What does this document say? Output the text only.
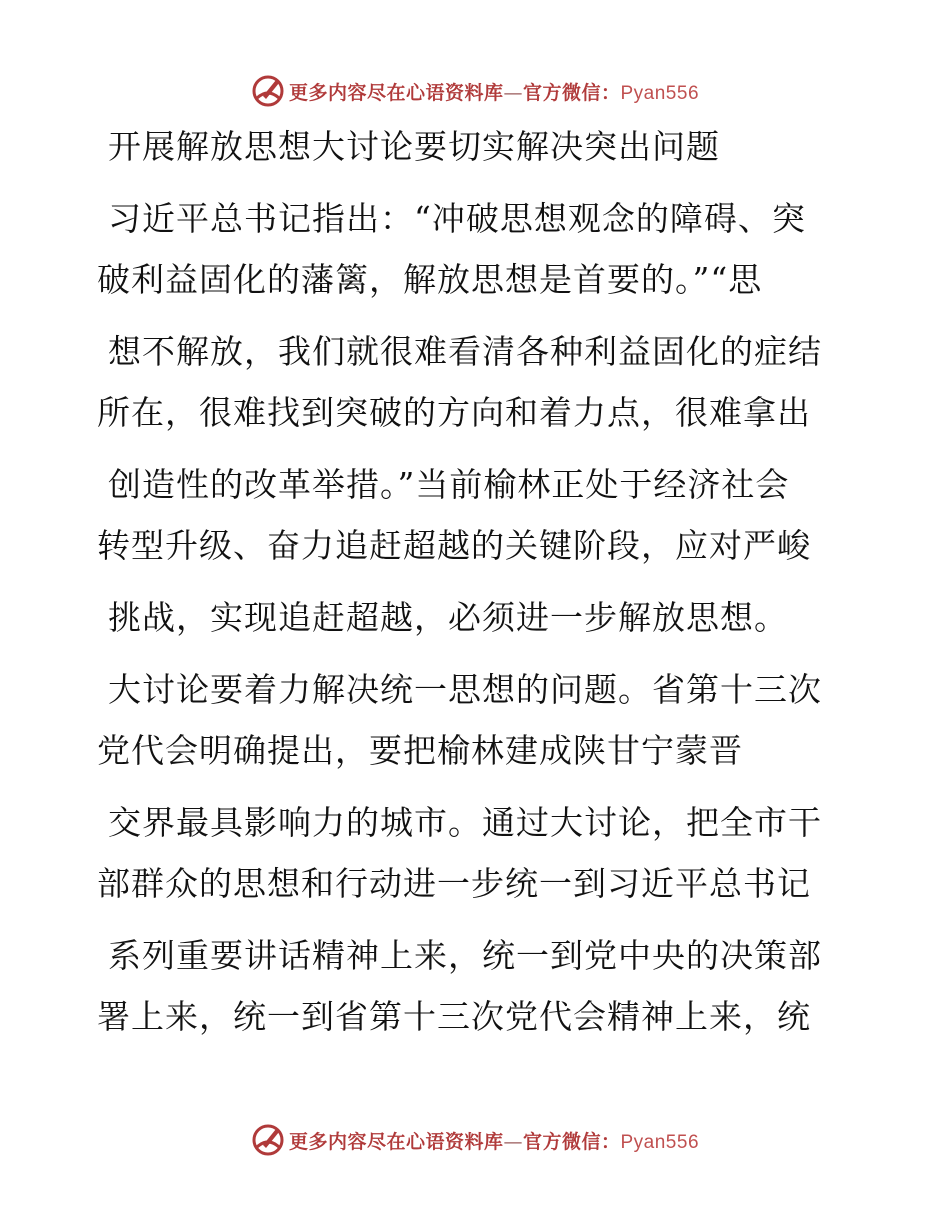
更多内容尽在心语资料库—官方微信：Pyan556
开展解放思想大讨论要切实解决突出问题
习近平总书记指出：“冲破思想观念的障碍、突
破利益固化的藩篱，解放思想是首要的。”“思
想不解放，我们就很难看清各种利益固化的症结
所在，很难找到突破的方向和着力点，很难拿出
创造性的改革举措。”当前榆林正处于经济社会
转型升级、奋力追赶超越的关键阶段，应对严峻
挑战，实现追赶超越，必须进一步解放思想。
大讨论要着力解决统一思想的问题。省第十三次
党代会明确提出，要把榆林建成陕甘宁蒙晋
交界最具影响力的城市。通过大讨论，把全市干
部群众的思想和行动进一步统一到习近平总书记
系列重要讲话精神上来，统一到党中央的决策部
署上来，统一到省第十三次党代会精神上来，统
更多内容尽在心语资料库—官方微信：Pyan556
